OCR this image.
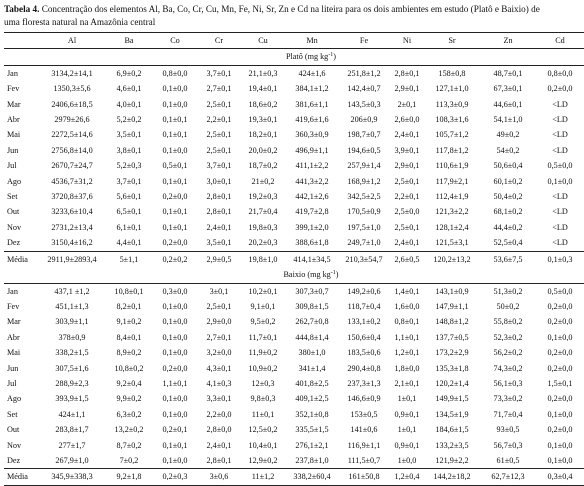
Tabela 4. Concentração dos elementos Al, Ba, Co, Cr, Cu, Mn, Fe, Ni, Sr, Zn e Cd na liteira para os dois ambientes em estudo (Platô e Baixio) de uma floresta natural na Amazônia central
	Al	Ba	Co	Cr	Cu	Mn	Fe	Ni	Sr	Zn	Cd
	Platô (mg $kg^{-1}$)										
Jan	3134,2±14,1	6,9±0,2	0,8±0,0	3,7±0,1	21,1±0,3	424±1,6	251,8±1,2	2,8±0,1	158±0,8	48,7±0,1	0,8±0,0
Fev	1350,3±5,6	4,6±0,1	0,1±0,0	2,7±0,1	19,4±0,1	384,1±1,2	142,4±0,7	2,9±0,1	127,1±1,0	67,3±0,1	0,2±0,0
Mar	2406,6±18,5	4,0±0,1	0,1±0,0	2,5±0,1	18,6±0,2	381,6±1,1	143,5±0,3	2±0,1	113,3±0,9	44,6±0,1	<LD
Abr	2979±26,6	5,2±0,2	0,1±0,1	2,2±0,1	19,3±0,1	419,6±1,6	206±0,9	2,6±0,0	108,3±1,6	54,1±1,0	<LD
Mai	2272,5±14,6	3,5±0,1	0,1±0,1	2,5±0,1	18,2±0,1	360,3±0,9	198,7±0,7	2,4±0,1	105,7±1,2	49±0,2	<LD
Jun	2756,8±14,0	3,8±0,1	0,1±0,0	2,5±0,1	20,0±0,2	496,9±1,1	194,6±0,5	3,9±0,1	117,8±1,2	54±0,2	<LD
Jul	2670,7±24,7	5,2±0,3	0,5±0,1	3,7±0,1	18,7±0,2	411,1±2,2	257,9±1,4	2,9±0,1	110,6±1,9	50,6±0,4	0,5±0,0
Ago	4536,7±31,2	3,7±0,1	0,1±0,1	3,0±0,1	21±0,2	441,3±2,2	168,9±1,2	2,5±0,1	117,9±2,1	60,1±0,2	0,1±0,0
Set	3720,8±37,6	5,6±0,1	0,2±0,0	2,8±0,1	19,2±0,3	442,1±2,6	342,5±2,5	2,2±0,1	112,4±1,9	50,4±0,2	<LD
Out	3233,6±10,4	6,5±0,1	0,1±0,1	2,8±0,1	21,7±0,4	419,7±2,8	170,5±0,9	2,5±0,0	121,3±2,2	68,1±0,2	<LD
Nov	2731,2±13,4	6,1±0,1	0,1±0,1	2,4±0,1	19,8±0,3	399,1±2,0	197,5±1,0	2,5±0,1	128,1±2,4	44,4±0,2	<LD
Dez	3150,4±16,2	4,4±0,1	0,2±0,0	3,5±0,1	20,2±0,3	388,6±1,8	249,7±1,0	2,4±0,1	121,5±3,1	52,5±0,4	<LD
Média	2911,9±2893,4	5±1,1	0,2±0,2	2,9±0,5	19,8±1,0	414,1±34,5	210,3±54,7	2,6±0,5	120,2±13,2	53,6±7,5	0,1±0,3
	Baixio (mg $kg^{-1}$)										
Jan	437,1 ±1,2	10,8±0,1	0,3±0,0	3±0,1	10,2±0,1	307,3±0,7	149,2±0,6	1,4±0,1	143,1±0,9	51,3±0,2	0,5±0,0
Fev	451,1±1,3	8,2±0,1	0,1±0,0	2,5±0,1	9,1±0,1	309,8±1,5	118,7±0,4	1,6±0,0	147,9±1,1	50±0,2	0,2±0,0
Mar	303,9±1,1	9,1±0,2	0,1±0,0	2,9±0,0	9,5±0,2	262,7±0,8	133,1±0,2	0,8±0,1	148,8±1,2	55,8±0,2	0,2±0,0
Abr	378±0,9	8,4±0,1	0,1±0,0	2,7±0,1	11,7±0,1	444,8±1,4	150,6±0,4	1,1±0,1	137,7±0,5	52,3±0,2	0,1±0,0
Mai	338,2±1,5	8,9±0,2	0,1±0,0	3,2±0,0	11,9±0,2	380±1,0	183,5±0,6	1,2±0,1	173,2±2,9	56,2±0,2	0,2±0,0
Jun	307,5±1,6	10,8±0,2	0,2±0,0	4,3±0,1	10,9±0,2	341±1,4	290,4±0,8	1,8±0,0	135,3±1,8	74,3±0,2	0,2±0,0
Jul	288,9±2,3	9,2±0,4	1,1±0,1	4,1±0,3	12±0,3	401,8±2,5	237,3±1,3	2,1±0,1	120,2±1,4	56,1±0,3	1,5±0,1
Ago	393,9±1,5	9,9±0,2	0,1±0,0	3,3±0,1	9,8±0,3	409,1±2,5	146,6±0,9	1±0,1	149,9±1,5	73,3±0,2	0,2±0,0
Set	424±1,1	6,3±0,2	0,1±0,0	2,2±0,0	11±0,1	352,1±0,8	153±0,5	0,9±0,1	134,5±1,9	71,7±0,4	0,1±0,0
Out	283,8±1,7	13,2±0,2	0,2±0,1	2,8±0,0	12,5±0,2	335,5±1,5	141±0,6	1±0,1	184,6±1,5	93±0,5	0,2±0,0
Nov	277±1,7	8,7±0,2	0,1±0,1	2,4±0,1	10,4±0,1	276,1±2,1	116,9±1,1	0,9±0,1	133,2±3,5	56,7±0,3	0,1±0,0
Dez	267,9±1,0	7±0,2	0,1±0,0	2,8±0,1	12,9±0,2	237,8±1,0	111,5±0,7	1±0,0	121,9±2,2	61±0,5	0,1±0,0
Média	345,9±338,3	9,2±1,8	0,2±0,3	3±0,6	11±1,2	338,2±60,4	161±50,8	1,2±0,4	144,2±18,2	62,7±12,3	0,3±0,4
